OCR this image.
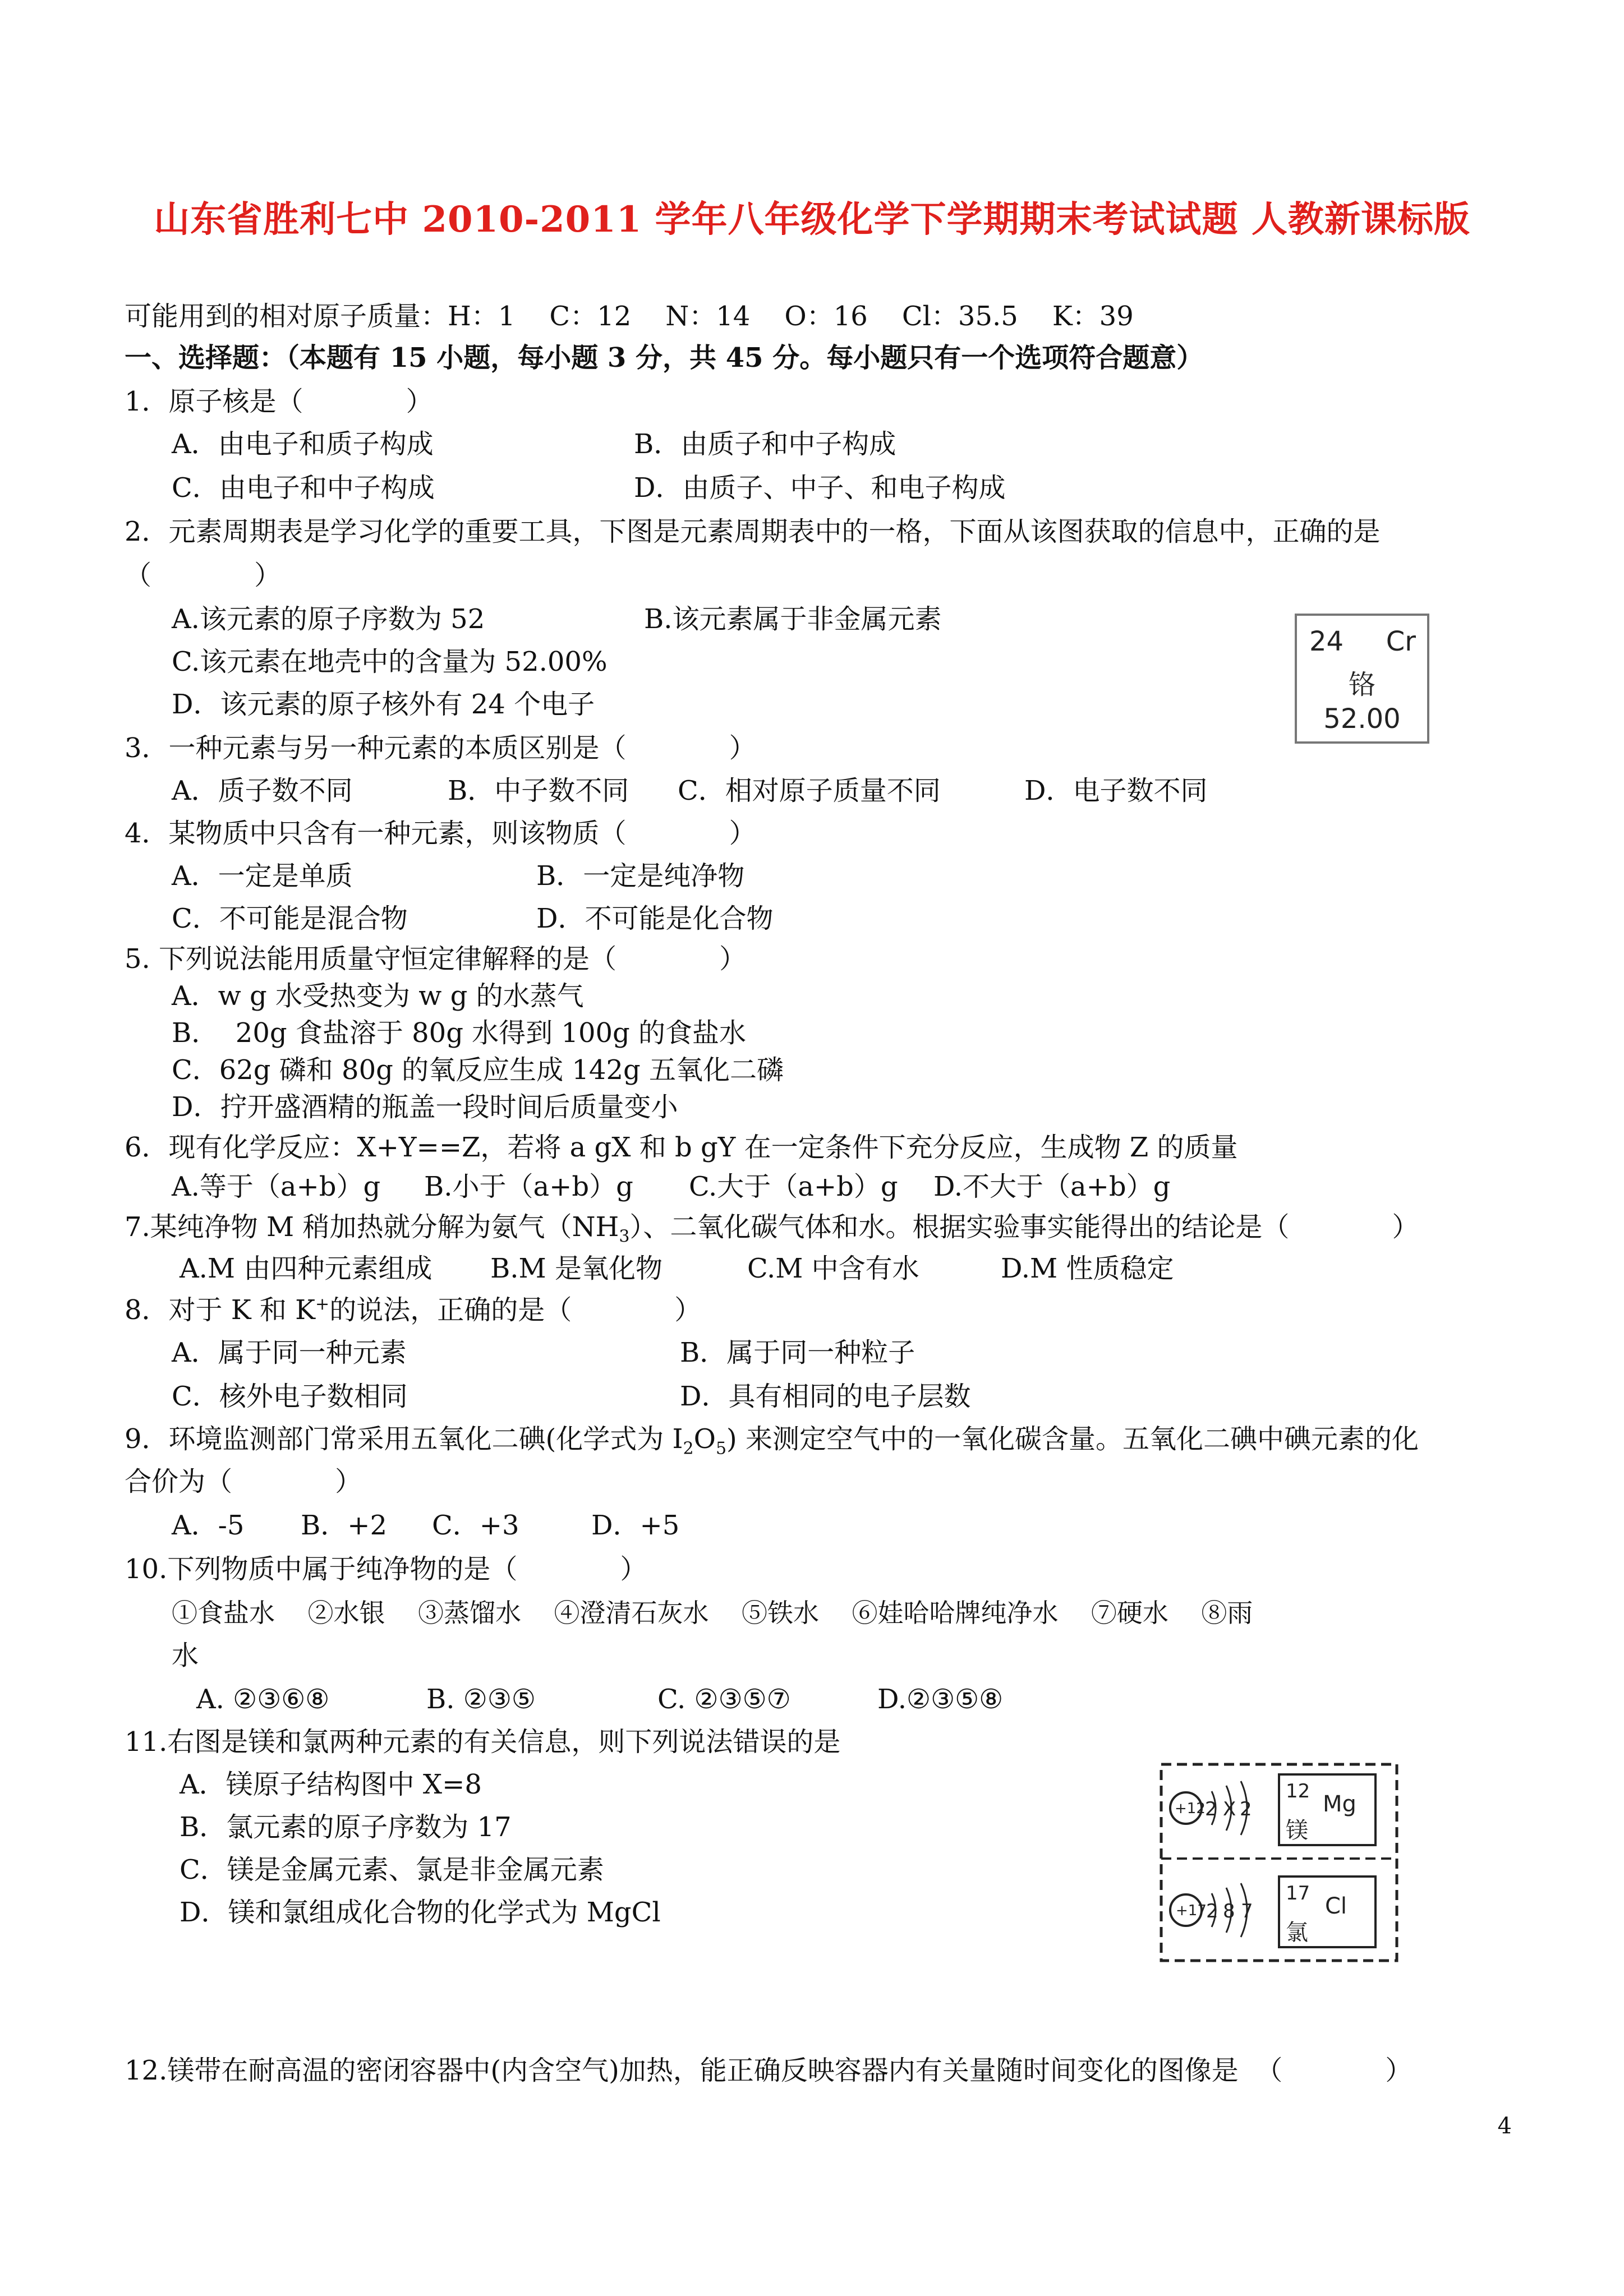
山东省胜利七中 2010-2011 学年八年级化学下学期期末考试试题 人教新课标版
可能用到的相对原子质量：H：1    C：12    N：14    O：16    Cl：35.5    K：39
一、选择题：（本题有 15 小题，每小题 3 分，共 45 分。每小题只有一个选项符合题意）
1．原子核是（            ）
A．由电子和质子构成	B．由质子和中子构成
C．由电子和中子构成	D．由质子、中子、和电子构成
2．元素周期表是学习化学的重要工具，下图是元素周期表中的一格，下面从该图获取的信息中，正确的是
（            ）
A.该元素的原子序数为 52	B.该元素属于非金属元素
C.该元素在地壳中的含量为 52.00%
D．该元素的原子核外有 24 个电子
24 Cr
铬
52.00
3．一种元素与另一种元素的本质区别是（            ）
A．质子数不同	B．中子数不同 C．相对原子质量不同	D．电子数不同
4．某物质中只含有一种元素，则该物质（            ）
A．一定是单质	B．一定是纯净物
C．不可能是混合物	D．不可能是化合物
5. 下列说法能用质量守恒定律解释的是（            ）
A．w g 水受热变为 w g 的水蒸气
B．  20g 食盐溶于 80g 水得到 100g 的食盐水
C．62g 磷和 80g 的氧反应生成 142g 五氧化二磷
D．拧开盛酒精的瓶盖一段时间后质量变小
6．现有化学反应：X+Y==Z，若将 a gX 和 b gY 在一定条件下充分反应，生成物 Z 的质量
A.等于（a+b）g B.小于（a+b）g C.大于（a+b）g D.不大于（a+b）g
7.某纯净物 M 稍加热就分解为氨气$(NH_3)$、二氧化碳气体和水。根据实验事实能得出的结论是（            ）
A.M 由四种元素组成 B.M 是氧化物	C.M 中含有水	D.M 性质稳定
8．对于 K 和 K+的说法，正确的是（            ）
A．属于同一种元素	B．属于同一种粒子
C．核外电子数相同	D．具有相同的电子层数
9．环境监测部门常采用五氧化二碘(化学式为 $I_2O_5$) 来测定空气中的一氧化碳含量。五氧化二碘中碘元素的化
合价为（            ）
A．-5 B．+2 C．+3	D．+5
10.下列物质中属于纯净物的是（            ）
①食盐水    ②水银    ③蒸馏水    ④澄清石灰水    ⑤铁水    ⑥娃哈哈牌纯净水    ⑦硬水    ⑧雨
水
A. ②③⑥⑧	B. ②③⑤	C. ②③⑤⑦	D.②③⑤⑧
11.右图是镁和氯两种元素的有关信息，则下列说法错误的是
A．镁原子结构图中 X=8
B．氯元素的原子序数为 17
C．镁是金属元素、氯是非金属元素
D．镁和氯组成化合物的化学式为 MgCl
+12 2 X 2
12 Mg
镁
+17 2 8 7
17 Cl
氯
12.镁带在耐高温的密闭容器中(内含空气)加热，能正确反映容器内有关量随时间变化的图像是  （            ）
4
